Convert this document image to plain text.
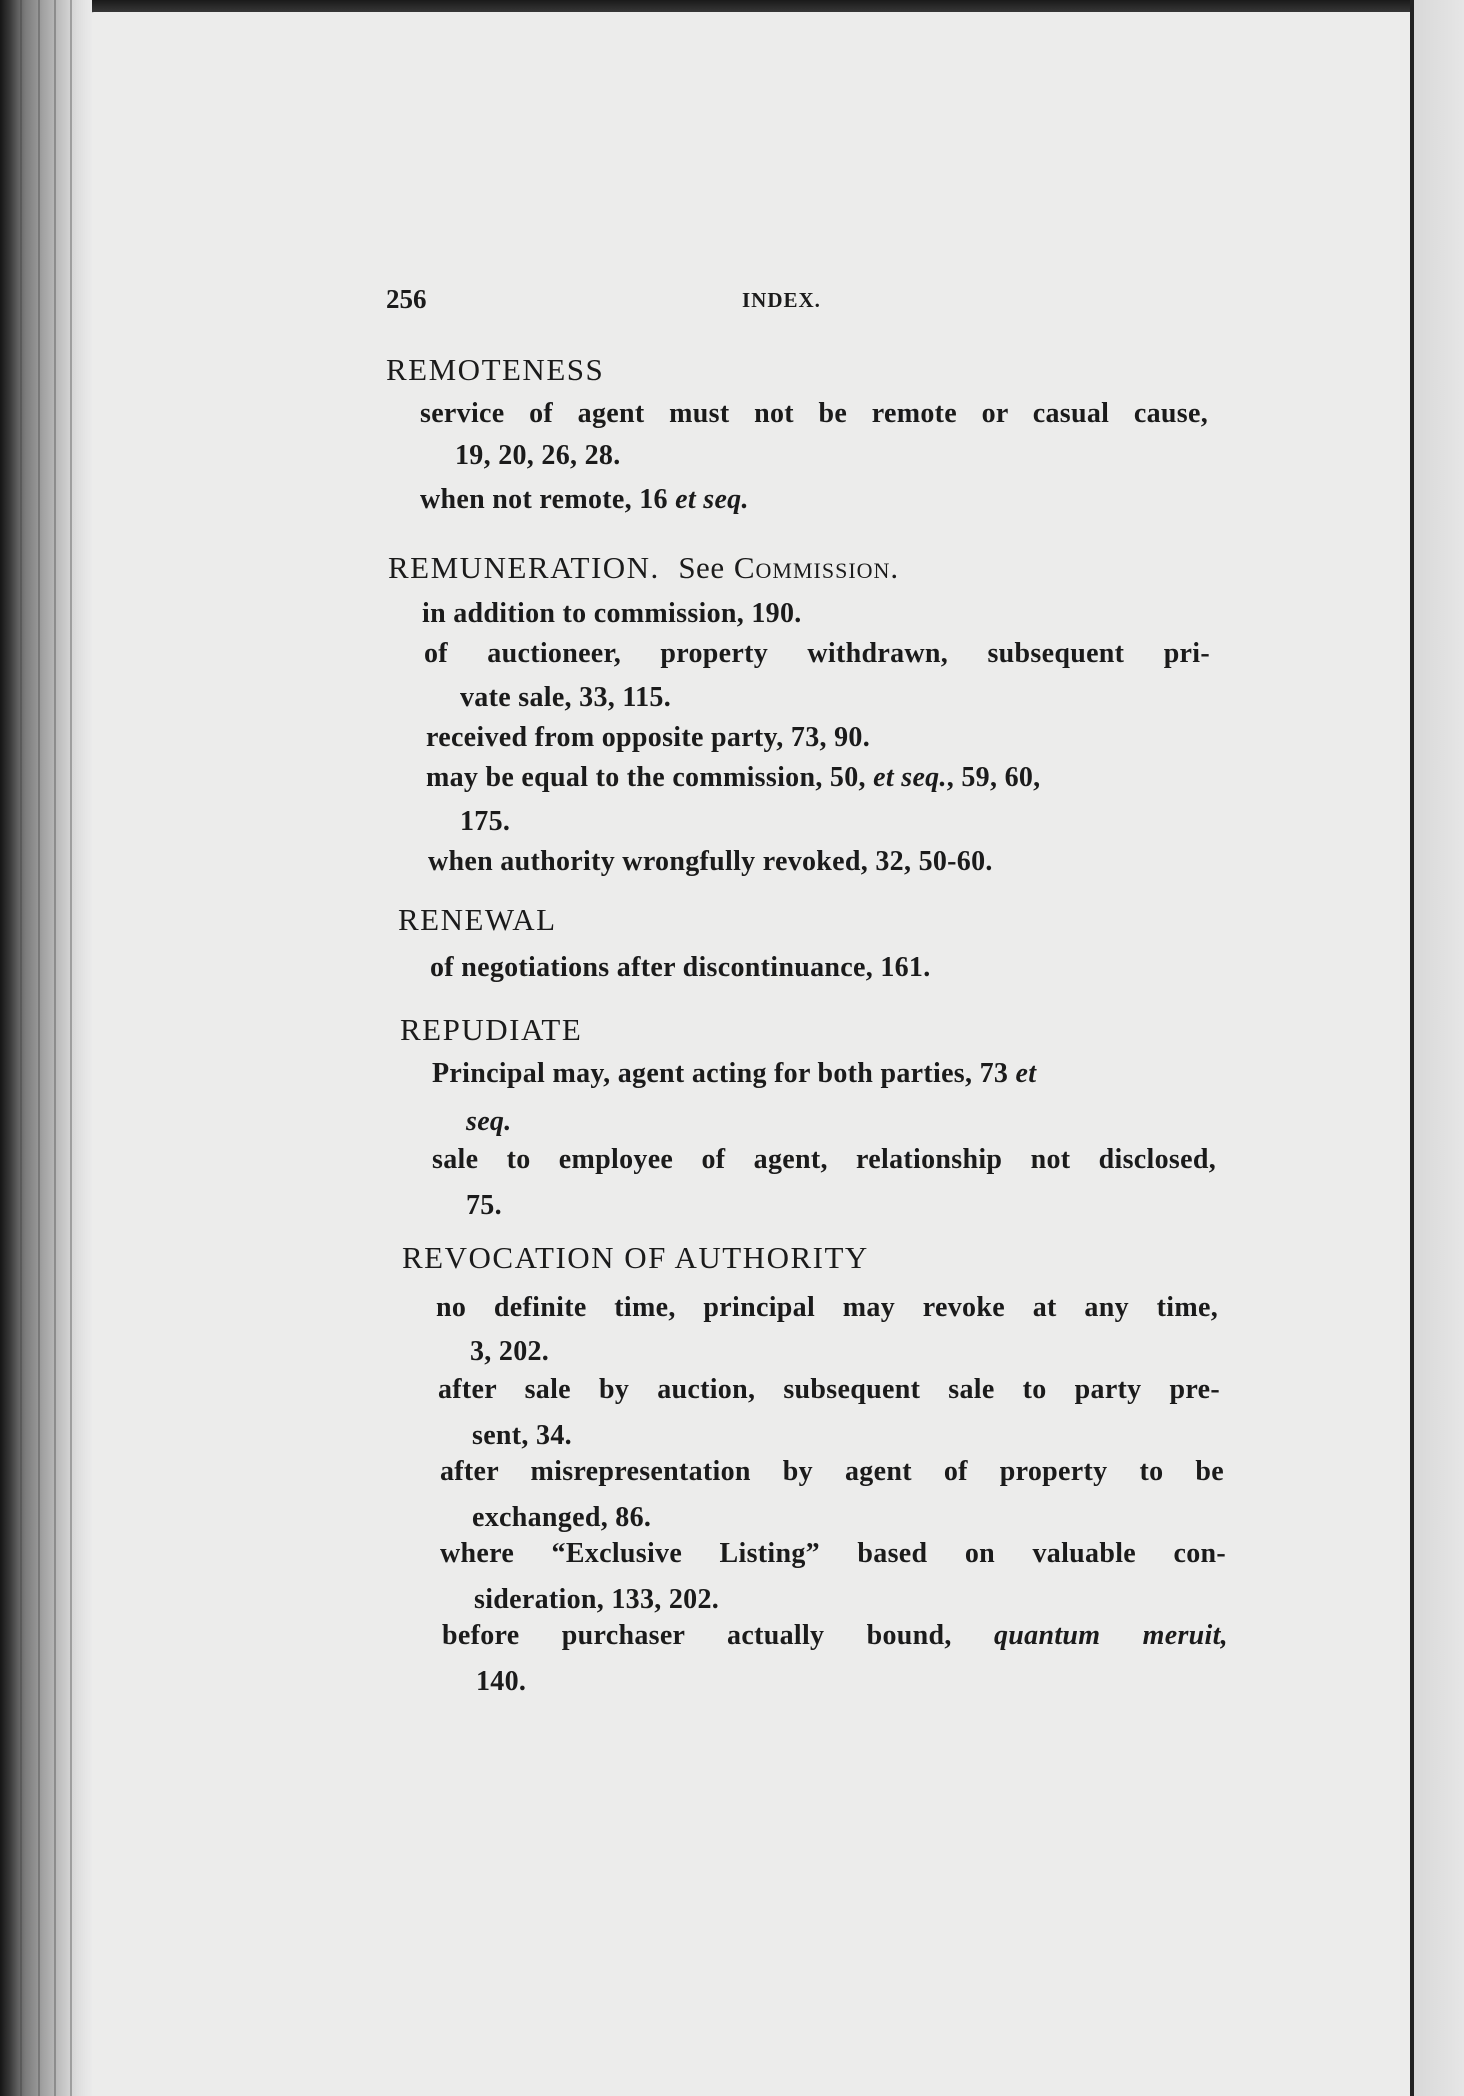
256	INDEX.
REMOTENESS
service of agent must not be remote or casual cause,
19, 20, 26, 28.
when not remote, 16 et seq.
REMUNERATION. See Commission.
in addition to commission, 190.
of auctioneer, property withdrawn, subsequent pri-
vate sale, 33, 115.
received from opposite party, 73, 90.
may be equal to the commission, 50, et seq., 59, 60,
175.
when authority wrongfully revoked, 32, 50-60.
RENEWAL
of negotiations after discontinuance, 161.
REPUDIATE
Principal may, agent acting for both parties, 73 et
seq.
sale to employee of agent, relationship not disclosed,
75.
REVOCATION OF AUTHORITY
no definite time, principal may revoke at any time,
3, 202.
after sale by auction, subsequent sale to party pre-
sent, 34.
after misrepresentation by agent of property to be
exchanged, 86.
where “Exclusive Listing” based on valuable con-
sideration, 133, 202.
before purchaser actually bound, quantum meruit,
140.
